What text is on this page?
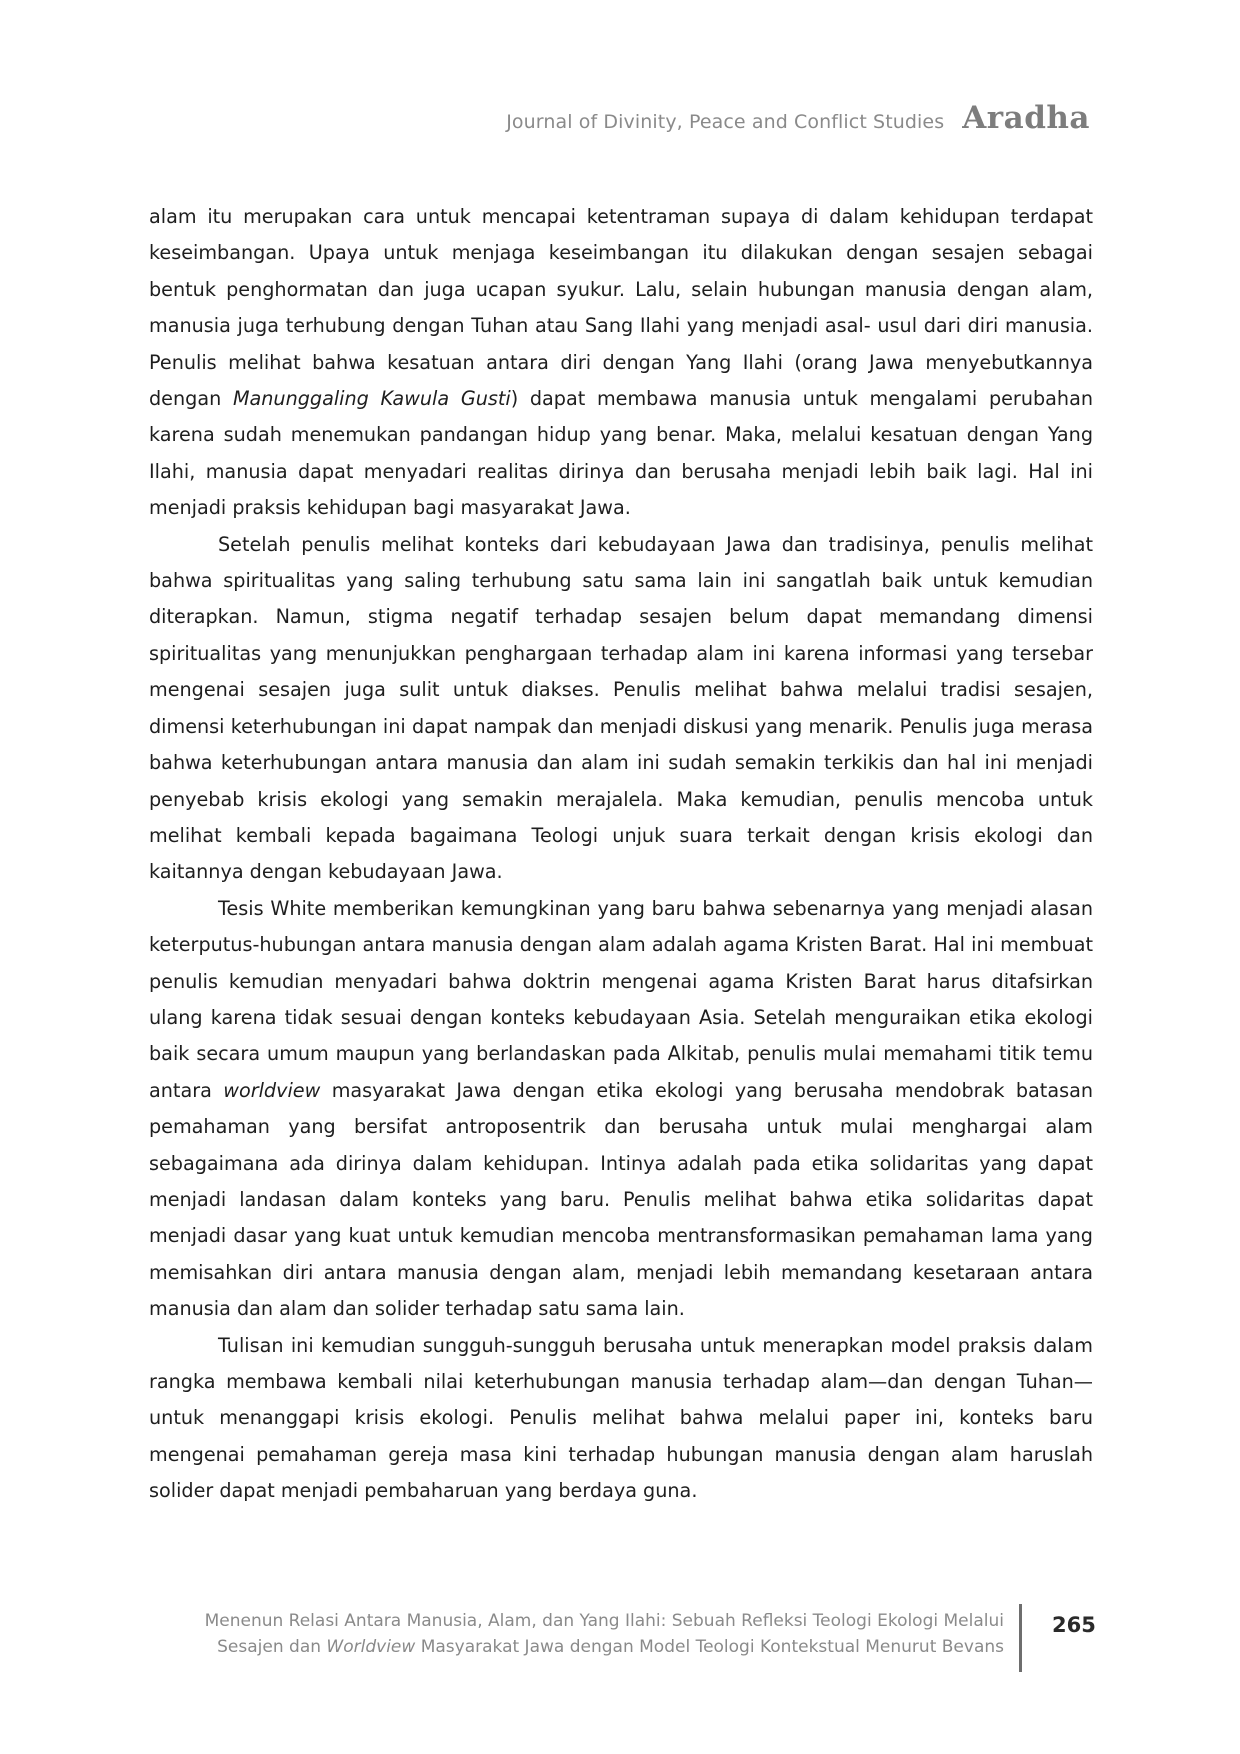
Journal of Divinity, Peace and Conflict Studies Aradha

alam itu merupakan cara untuk mencapai ketentraman supaya di dalam kehidupan terdapat keseimbangan. Upaya untuk menjaga keseimbangan itu dilakukan dengan sesajen sebagai bentuk penghormatan dan juga ucapan syukur. Lalu, selain hubungan manusia dengan alam, manusia juga terhubung dengan Tuhan atau Sang Ilahi yang menjadi asal- usul dari diri manusia. Penulis melihat bahwa kesatuan antara diri dengan Yang Ilahi (orang Jawa menyebutkannya dengan Manunggaling Kawula Gusti) dapat membawa manusia untuk mengalami perubahan karena sudah menemukan pandangan hidup yang benar. Maka, melalui kesatuan dengan Yang Ilahi, manusia dapat menyadari realitas dirinya dan berusaha menjadi lebih baik lagi. Hal ini menjadi praksis kehidupan bagi masyarakat Jawa.

Setelah penulis melihat konteks dari kebudayaan Jawa dan tradisinya, penulis melihat bahwa spiritualitas yang saling terhubung satu sama lain ini sangatlah baik untuk kemudian diterapkan. Namun, stigma negatif terhadap sesajen belum dapat memandang dimensi spiritualitas yang menunjukkan penghargaan terhadap alam ini karena informasi yang tersebar mengenai sesajen juga sulit untuk diakses. Penulis melihat bahwa melalui tradisi sesajen, dimensi keterhubungan ini dapat nampak dan menjadi diskusi yang menarik. Penulis juga merasa bahwa keterhubungan antara manusia dan alam ini sudah semakin terkikis dan hal ini menjadi penyebab krisis ekologi yang semakin merajalela. Maka kemudian, penulis mencoba untuk melihat kembali kepada bagaimana Teologi unjuk suara terkait dengan krisis ekologi dan kaitannya dengan kebudayaan Jawa.

Tesis White memberikan kemungkinan yang baru bahwa sebenarnya yang menjadi alasan keterputus-hubungan antara manusia dengan alam adalah agama Kristen Barat. Hal ini membuat penulis kemudian menyadari bahwa doktrin mengenai agama Kristen Barat harus ditafsirkan ulang karena tidak sesuai dengan konteks kebudayaan Asia. Setelah menguraikan etika ekologi baik secara umum maupun yang berlandaskan pada Alkitab, penulis mulai memahami titik temu antara worldview masyarakat Jawa dengan etika ekologi yang berusaha mendobrak batasan pemahaman yang bersifat antroposentrik dan berusaha untuk mulai menghargai alam sebagaimana ada dirinya dalam kehidupan. Intinya adalah pada etika solidaritas yang dapat menjadi landasan dalam konteks yang baru. Penulis melihat bahwa etika solidaritas dapat menjadi dasar yang kuat untuk kemudian mencoba mentransformasikan pemahaman lama yang memisahkan diri antara manusia dengan alam, menjadi lebih memandang kesetaraan antara manusia dan alam dan solider terhadap satu sama lain.

Tulisan ini kemudian sungguh-sungguh berusaha untuk menerapkan model praksis dalam rangka membawa kembali nilai keterhubungan manusia terhadap alam—dan dengan Tuhan—untuk menanggapi krisis ekologi. Penulis melihat bahwa melalui paper ini, konteks baru mengenai pemahaman gereja masa kini terhadap hubungan manusia dengan alam haruslah solider dapat menjadi pembaharuan yang berdaya guna.

Menenun Relasi Antara Manusia, Alam, dan Yang Ilahi: Sebuah Refleksi Teologi Ekologi Melalui
Sesajen dan Worldview Masyarakat Jawa dengan Model Teologi Kontekstual Menurut Bevans
265
